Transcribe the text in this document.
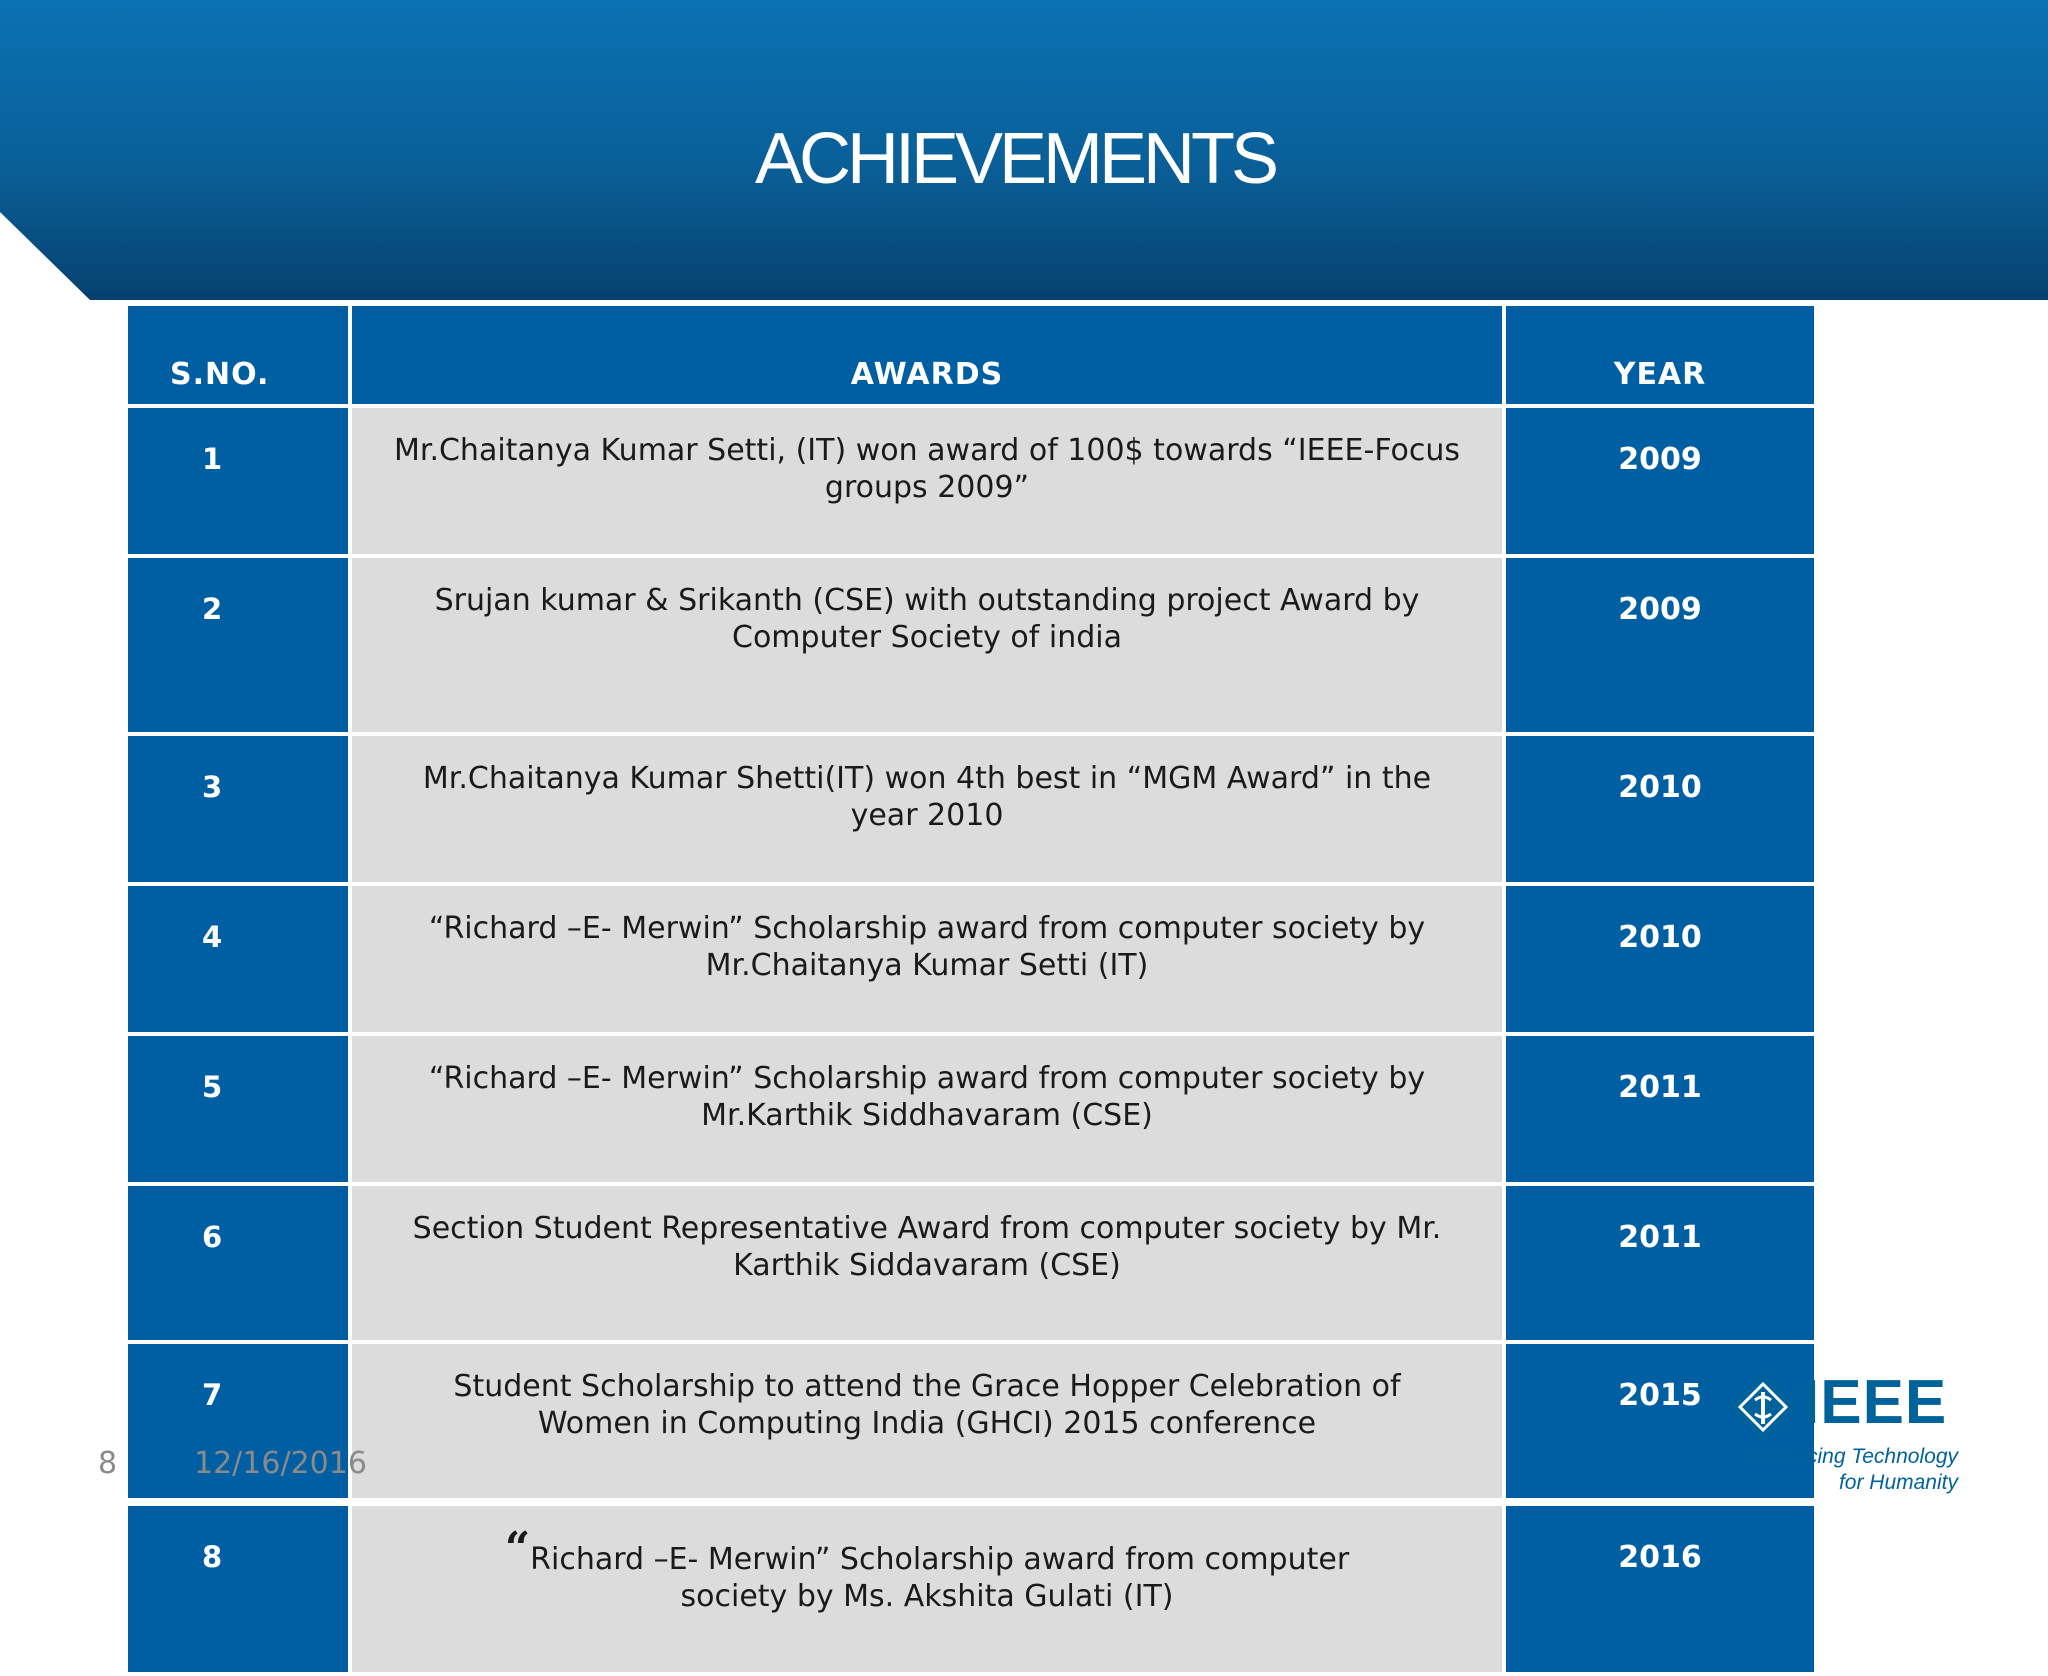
ACHIEVEMENTS
S.NO.	AWARDS	YEAR
1	Mr.Chaitanya Kumar Setti, (IT) won award of 100$ towards “IEEE-Focus groups 2009”	2009
2	Srujan kumar & Srikanth (CSE) with outstanding project Award by Computer Society of india	2009
3	Mr.Chaitanya Kumar Shetti(IT) won 4th best in “MGM Award” in the year 2010	2010
4	“Richard –E- Merwin” Scholarship award from computer society by Mr.Chaitanya Kumar Setti (IT)	2010
5	“Richard –E- Merwin” Scholarship award from computer society by Mr.Karthik Siddhavaram (CSE)	2011
6	Section Student Representative Award from computer society by Mr. Karthik Siddavaram (CSE)	2011
7	Student Scholarship to attend the Grace Hopper Celebration of Women in Computing India (GHCI) 2015 conference	2015

8	“Richard –E- Merwin” Scholarship award from computer society by Ms. Akshita Gulati (IT)	2016
8	12/16/2016
IEEE
Advancing Technology
for Humanity
